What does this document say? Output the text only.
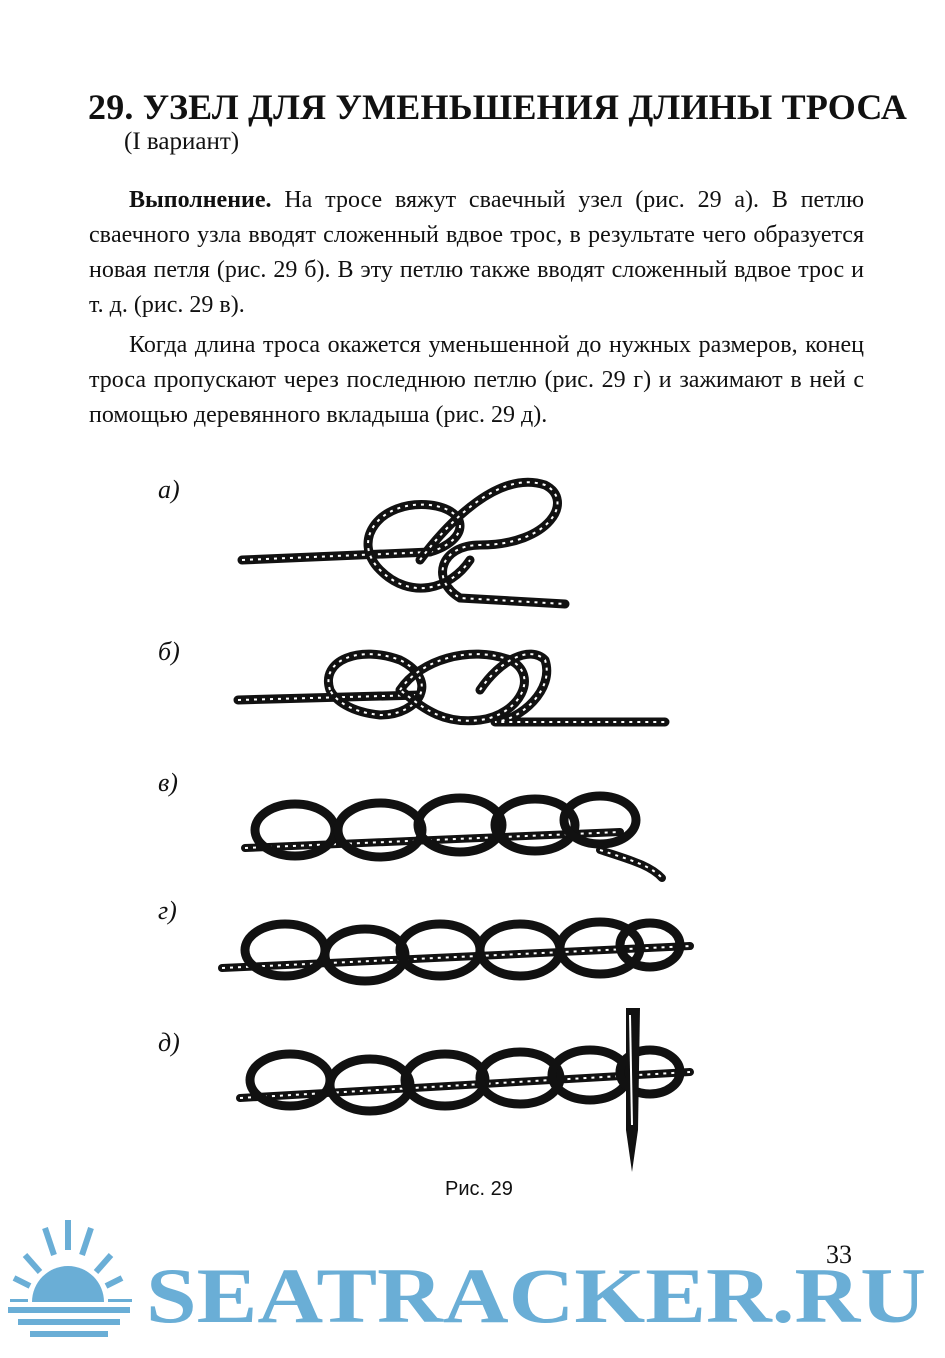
29. УЗЕЛ ДЛЯ УМЕНЬШЕНИЯ ДЛИНЫ ТРОСА
(I вариант)
Выполнение. На тросе вяжут свaечный узел (рис. 29 а). В петлю свaечного узла вводят сложенный вдвое трос, в результате чего образуется новая петля (рис. 29 б). В эту петлю также вводят сложенный вдвое трос и т. д. (рис. 29 в).
Когда длина троса окажется уменьшенной до нужных размеров, конец троса пропускают через последнюю петлю (рис. 29 г) и зажимают в ней с помощью деревянного вкладыша (рис. 29 д).
а)
б)
в)
г)
д)
Рис. 29
33
SEATRACKER.RU
